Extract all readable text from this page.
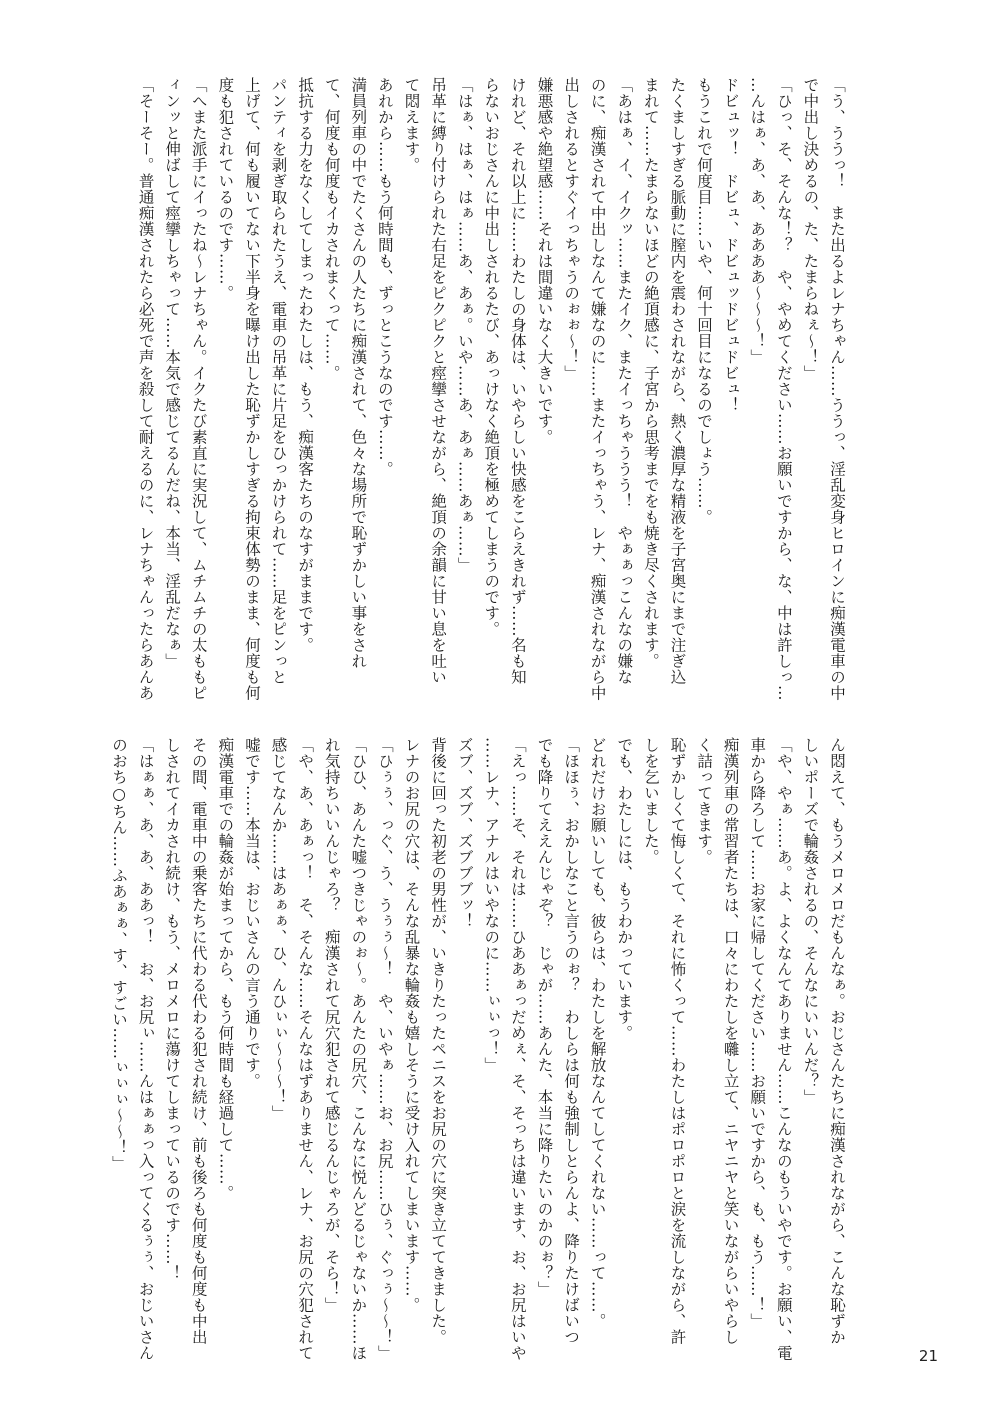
「う、ううっ！　また出るよレナちゃん……ううっ、淫乱変身ヒロインに痴漢電車の中
で中出し決めるの、た、たまらねぇ〜！」
「ひっ、そ、そんな！？　や、やめてください……お願いですから、な、中は許しっ…
…んはぁ、あ、あ、ああああ〜〜〜！」
ドビュッ！　ドビュ、ドビュッドビュドビュ！
もうこれで何度目……いや、何十回目になるのでしょう……。
たくましすぎる脈動に膣内を震わされながら、熱く濃厚な精液を子宮奥にまで注ぎ込
まれて……たまらないほどの絶頂感に、子宮から思考までをも焼き尽くされます。
「あはぁ、イ、イクッ……またイク、またイっちゃううう！　やぁぁっこんなの嫌な
のに、痴漢されて中出しなんて嫌なのに……またイっちゃう、レナ、痴漢されながら中
出しされるとすぐイっちゃうのぉぉ〜！」
嫌悪感や絶望感……それは間違いなく大きいです。
けれど、それ以上に……わたしの身体は、いやらしい快感をこらえきれず……名も知
らないおじさんに中出しされるたび、あっけなく絶頂を極めてしまうのです。
「はぁ、はぁ、はぁ……あ、あぁ。いや……あ、あぁ……あぁ……」
吊革に縛り付けられた右足をピクピクと痙攣させながら、絶頂の余韻に甘い息を吐い
て悶えます。
あれから……もう何時間も、ずっとこうなのです……。
満員列車の中でたくさんの人たちに痴漢されて、色々な場所で恥ずかしい事をされ
て、何度も何度もイカされまくって……。
抵抗する力をなくしてしまったわたしは、もう、痴漢客たちのなすがままです。
パンティを剥ぎ取られたうえ、電車の吊革に片足をひっかけられて……足をピンっと
上げて、何も履いてない下半身を曝け出した恥ずかしすぎる拘束体勢のまま、何度も何
度も犯されているのです……。
「へまた派手にイったね〜レナちゃん。イクたび素直に実況して、ムチムチの太ももピ
ィンッと伸ばして痙攣しちゃって……本気で感じてるんだね、本当、淫乱だなぁ」
「そーそー。普通痴漢されたら必死で声を殺して耐えるのに、レナちゃんったらあんあ
ん悶えて、もうメロメロだもんなぁ。おじさんたちに痴漢されながら、こんな恥ずか
しいポーズで輪姦されるの、そんなにいいんだ？」
「や、やぁ……あ。よ、よくなんてありません……こんなのもういやです。お願い、電
車から降ろして……お家に帰してください……お願いですから、も、もう……！」
痴漢列車の常習者たちは、口々にわたしを囃し立て、ニヤニヤと笑いながらいやらし
く詰ってきます。
恥ずかしくて悔しくて、それに怖くって……わたしはポロポロと涙を流しながら、許
しを乞いました。
でも、わたしには、もうわかっています。
どれだけお願いしても、彼らは、わたしを解放なんてしてくれない……って……。
「ほほぅ、おかしなこと言うのぉ？　わしらは何も強制しとらんよ、降りたけばいつ
でも降りてええんじゃぞ？　じゃが……あんた、本当に降りたいのかのぉ？」
「えっ……そ、それは……ひああぁっだめぇ、そ、そっちは違います、お、お尻はいや
……レナ、アナルはいやなのに……ぃぃっ！」
ズブ、ズブ、ズブブブッ！
背後に回った初老の男性が、いきりたったペニスをお尻の穴に突き立ててきました。
レナのお尻の穴は、そんな乱暴な輪姦も嬉しそうに受け入れてしまいます……。
「ひぅぅ、っぐ、う、うぅぅ〜！　や、いやぁ……お、お尻……ひぅ、ぐっぅ〜〜！」
「ひひ、あんた嘘つきじゃのぉ〜。あんたの尻穴、こんなに悦んどるじゃないか……ほ
れ気持ちいいんじゃろ？　痴漢されて尻穴犯されて感じるんじゃろが、そら！」
「や、あ、あぁっ！　そ、そんな……そんなはずありません、レナ、お尻の穴犯されて
感じてなんか……はあぁぁ、ひ、んひぃぃ〜〜〜！」
嘘です……本当は、おじいさんの言う通りです。
痴漢電車での輪姦が始まってから、もう何時間も経過して……。
その間、電車中の乗客たちに代わる代わる犯され続け、前も後ろも何度も何度も中出
しされてイカされ続け、もう、メロメロに蕩けてしまっているのです……！
「はぁぁ、あ、あ、ああっ！　お、お尻ぃ……んはぁぁっ入ってくるぅぅ、おじいさん
のおち○ちん……ふあぁぁ、す、すごい……ぃぃぃ〜〜！」
21
